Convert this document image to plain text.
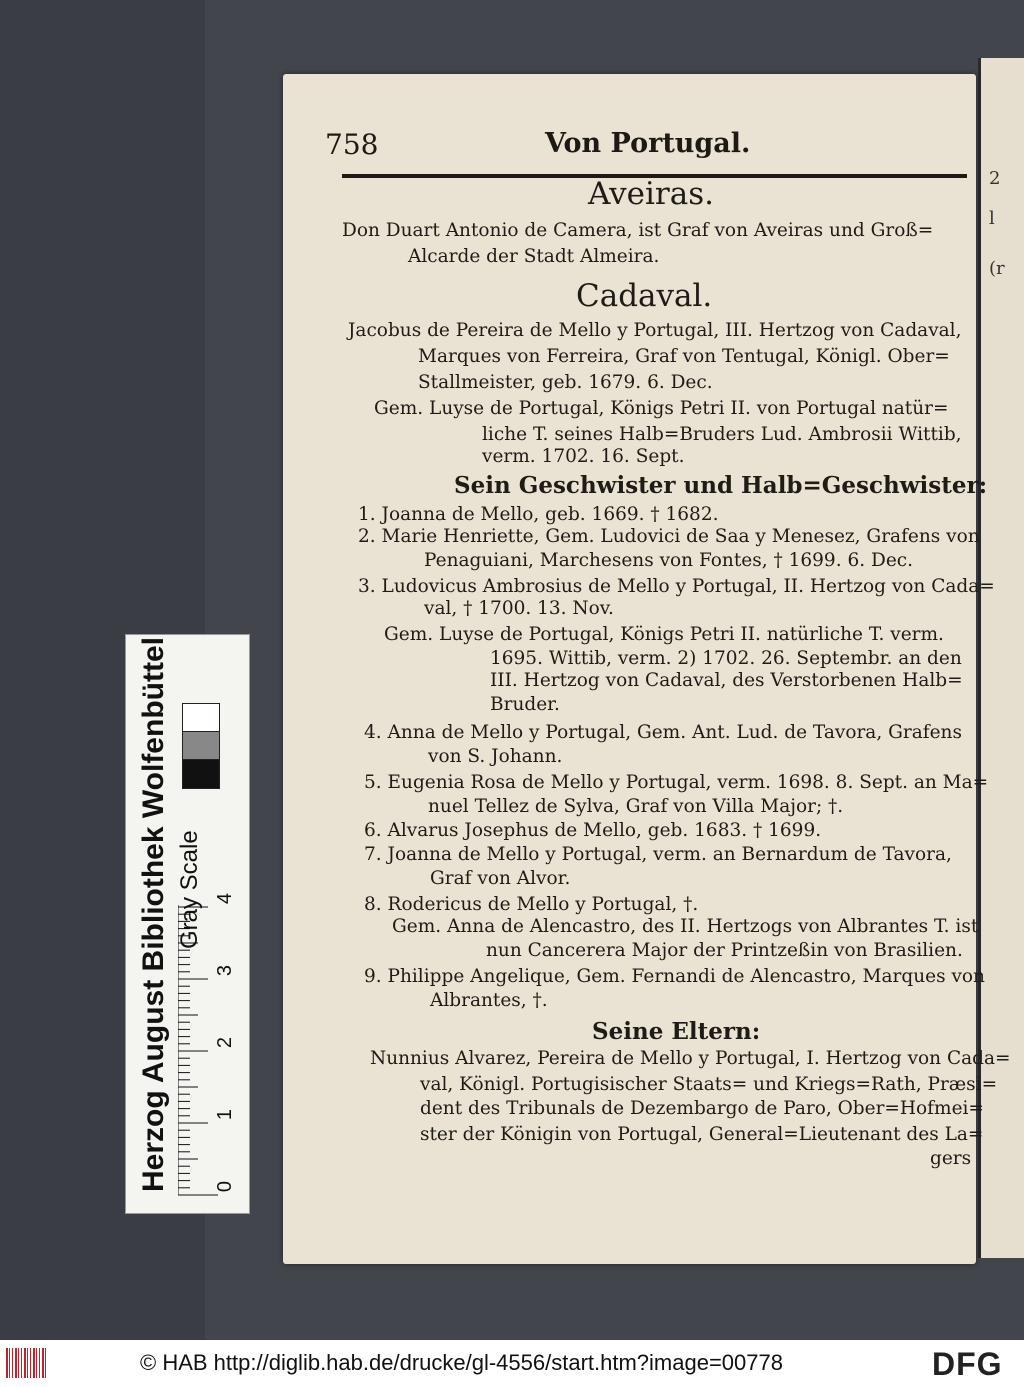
2
l
(r
758	Von Portugal.
Aveiras.
Don Duart Antonio de Camera, ist Graf von Aveiras und Groß=
Alcarde der Stadt Almeira.
Cadaval.
Jacobus de Pereira de Mello y Portugal, III. Hertzog von Cadaval,
Marques von Ferreira, Graf von Tentugal, Königl. Ober=
Stallmeister, geb. 1679. 6. Dec.
Gem. Luyse de Portugal, Königs Petri II. von Portugal natür=
liche T. seines Halb=Bruders Lud. Ambrosii Wittib,
verm. 1702. 16. Sept.
Sein Geschwister und Halb=Geschwister:
1. Joanna de Mello, geb. 1669. † 1682.
2. Marie Henriette, Gem. Ludovici de Saa y Menesez, Grafens von
Penaguiani, Marchesens von Fontes, † 1699. 6. Dec.
3. Ludovicus Ambrosius de Mello y Portugal, II. Hertzog von Cada=
val, † 1700. 13. Nov.
Gem. Luyse de Portugal, Königs Petri II. natürliche T. verm.
1695. Wittib, verm. 2) 1702. 26. Septembr. an den
III. Hertzog von Cadaval, des Verstorbenen Halb=
Bruder.
4. Anna de Mello y Portugal, Gem. Ant. Lud. de Tavora, Grafens
von S. Johann.
5. Eugenia Rosa de Mello y Portugal, verm. 1698. 8. Sept. an Ma=
nuel Tellez de Sylva, Graf von Villa Major; †.
6. Alvarus Josephus de Mello, geb. 1683. † 1699.
7. Joanna de Mello y Portugal, verm. an Bernardum de Tavora,
Graf von Alvor.
8. Rodericus de Mello y Portugal, †.
Gem. Anna de Alencastro, des II. Hertzogs von Albrantes T. ist
nun Cancerera Major der Printzeßin von Brasilien.
9. Philippe Angelique, Gem. Fernandi de Alencastro, Marques von
Albrantes, †.
Seine Eltern:
Nunnius Alvarez, Pereira de Mello y Portugal, I. Hertzog von Cada=
val, Königl. Portugisischer Staats= und Kriegs=Rath, Præsi=
dent des Tribunals de Dezembargo de Paro, Ober=Hofmei=
ster der Königin von Portugal, General=Lieutenant des La=
gers
Herzog August Bibliothek Wolfenbüttel Gray Scale
0
1
2
3
4
© HAB http://diglib.hab.de/drucke/gl-4556/start.htm?image=00778	DFG
